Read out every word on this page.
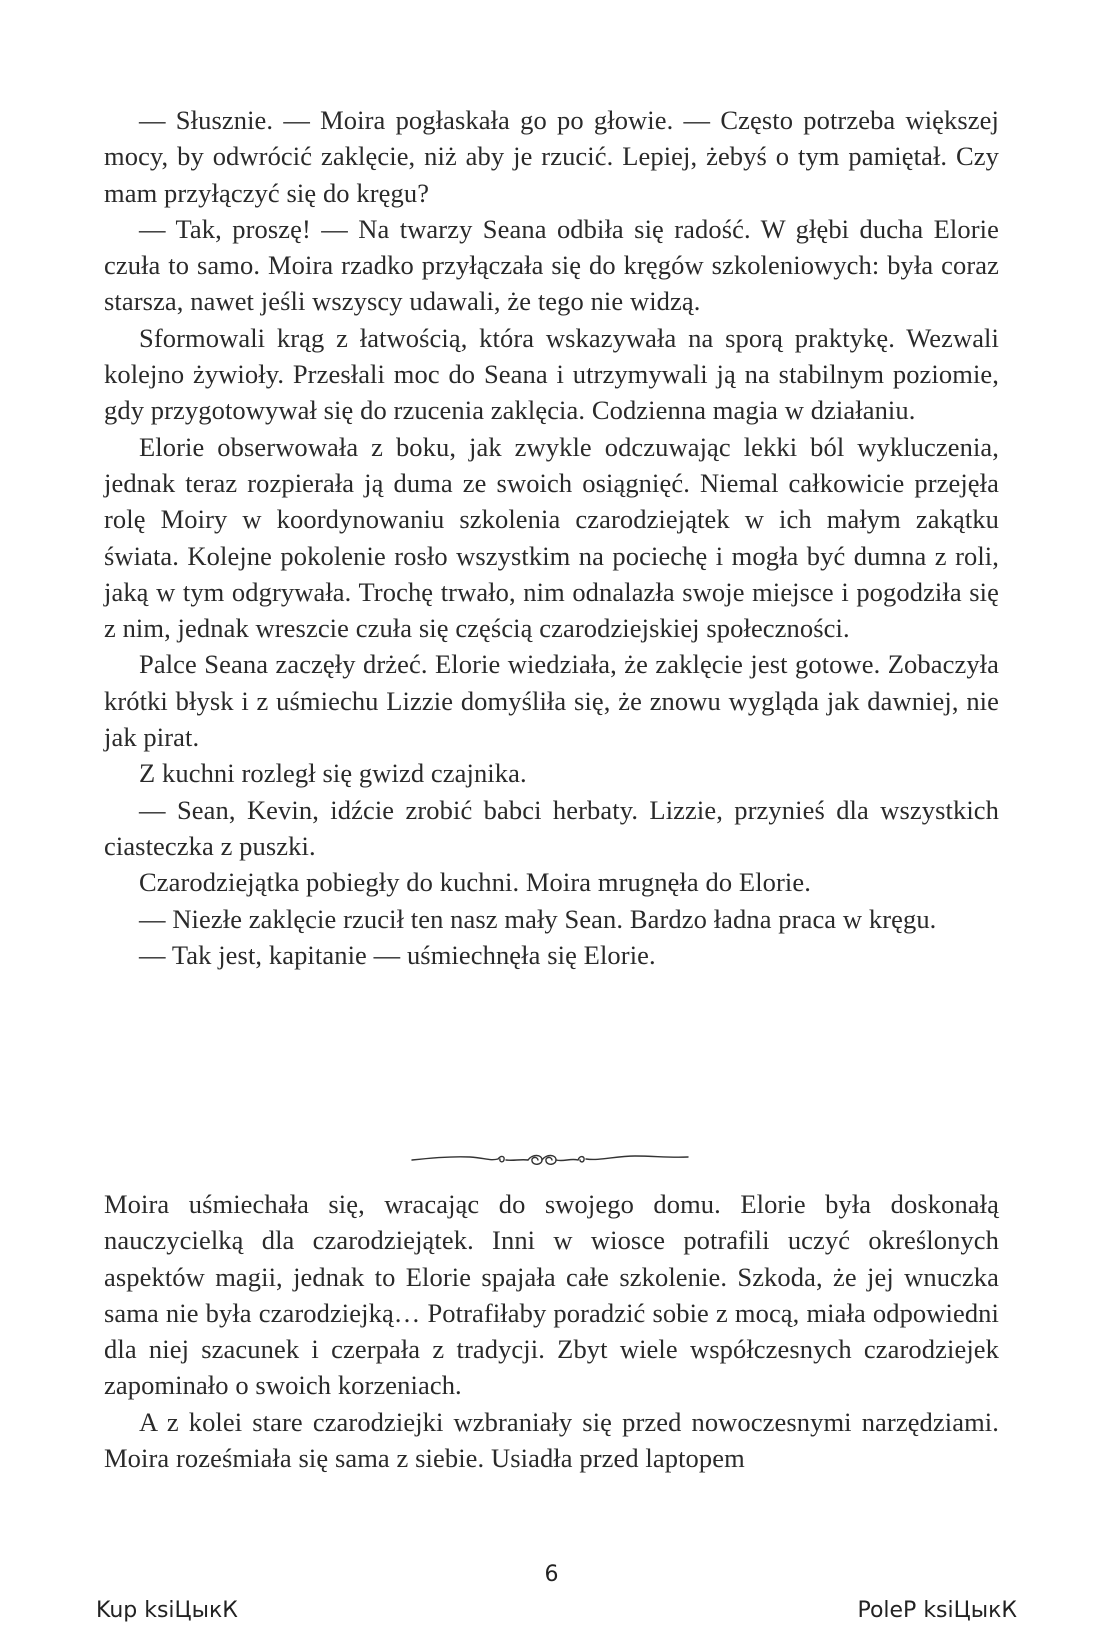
— Słusznie. — Moira pogłaskała go po głowie. — Często potrzeba większej mocy, by odwrócić zaklęcie, niż aby je rzucić. Lepiej, żebyś o tym pamiętał. Czy mam przyłączyć się do kręgu?

— Tak, proszę! — Na twarzy Seana odbiła się radość. W głębi ducha Elorie czuła to samo. Moira rzadko przyłączała się do kręgów szkoleniowych: była coraz starsza, nawet jeśli wszyscy udawali, że tego nie widzą.

Sformowali krąg z łatwością, która wskazywała na sporą praktykę. Wezwali kolejno żywioły. Przesłali moc do Seana i utrzymywali ją na stabilnym poziomie, gdy przygotowywał się do rzucenia zaklęcia. Codzienna magia w działaniu.

Elorie obserwowała z boku, jak zwykle odczuwając lekki ból wykluczenia, jednak teraz rozpierała ją duma ze swoich osiągnięć. Niemal całkowicie przejęła rolę Moiry w koordynowaniu szkolenia czarodziejątek w ich małym zakątku świata. Kolejne pokolenie rosło wszystkim na pociechę i mogła być dumna z roli, jaką w tym odgrywała. Trochę trwało, nim odnalazła swoje miejsce i pogodziła się z nim, jednak wreszcie czuła się częścią czarodziejskiej społeczności.

Palce Seana zaczęły drżeć. Elorie wiedziała, że zaklęcie jest gotowe. Zobaczyła krótki błysk i z uśmiechu Lizzie domyśliła się, że znowu wygląda jak dawniej, nie jak pirat.

Z kuchni rozległ się gwizd czajnika.

— Sean, Kevin, idźcie zrobić babci herbaty. Lizzie, przynieś dla wszystkich ciasteczka z puszki.

Czarodziejątka pobiegły do kuchni. Moira mrugnęła do Elorie.

— Niezłe zaklęcie rzucił ten nasz mały Sean. Bardzo ładna praca w kręgu.

— Tak jest, kapitanie — uśmiechnęła się Elorie.

Moira uśmiechała się, wracając do swojego domu. Elorie była doskonałą nauczycielką dla czarodziejątek. Inni w wiosce potrafili uczyć określonych aspektów magii, jednak to Elorie spajała całe szkolenie. Szkoda, że jej wnuczka sama nie była czarodziejką… Potrafiłaby poradzić sobie z mocą, miała odpowiedni dla niej szacunek i czerpała z tradycji. Zbyt wiele współczesnych czarodziejek zapominało o swoich korzeniach.

A z kolei stare czarodziejki wzbraniały się przed nowoczesnymi narzędziami. Moira roześmiała się sama z siebie. Usiadła przed laptopem

6
Kup ksiЦыкК	PoleP ksiЦыкК
